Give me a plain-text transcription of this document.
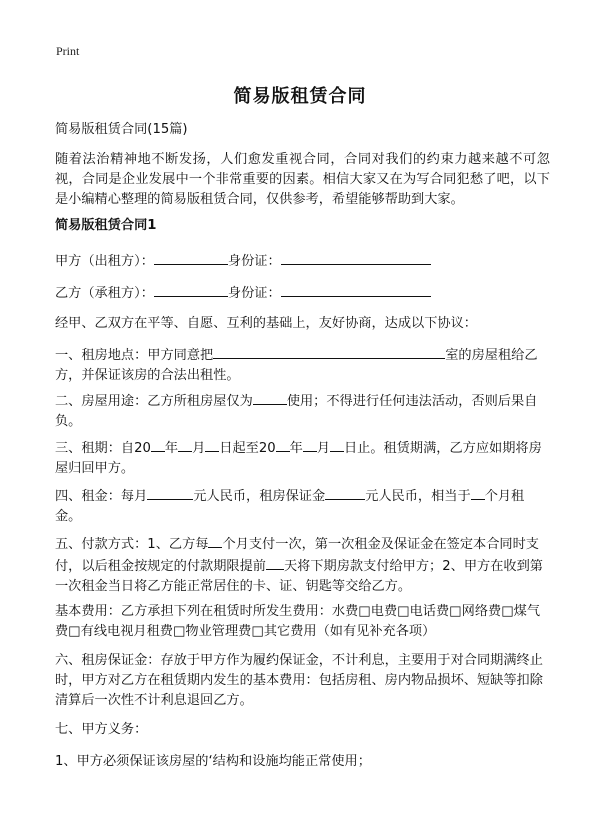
Print
简易版租赁合同

简易版租赁合同(15篇)

随着法治精神地不断发扬，人们愈发重视合同，合同对我们的约束力越来越不可忽视，合同是企业发展中一个非常重要的因素。相信大家又在为写合同犯愁了吧，以下是小编精心整理的简易版租赁合同，仅供参考，希望能够帮助到大家。

简易版租赁合同1

甲方（出租方）：	身份证：

乙方（承租方）：	身份证：

经甲、乙双方在平等、自愿、互利的基础上，友好协商，达成以下协议：

一、租房地点：甲方同意把	室的房屋租给乙方，并保证该房的合法出租性。

二、房屋用途：乙方所租房屋仅为	使用；不得进行任何违法活动，否则后果自负。

三、租期：自20 年 月 日起至20 年 月 日止。租赁期满，乙方应如期将房屋归回甲方。

四、租金：每月	元人民币，租房保证金	元人民币，相当于 个月租金。

五、付款方式：1、乙方每 个月支付一次，第一次租金及保证金在签定本合同时支付，以后租金按规定的付款期限提前 天将下期房款支付给甲方；2、甲方在收到第一次租金当日将乙方能正常居住的卡、证、钥匙等交给乙方。

基本费用：乙方承担下列在租赁时所发生费用：水费□电费□电话费□网络费□煤气费□有线电视月租费□物业管理费□其它费用（如有见补充各项）

六、租房保证金：存放于甲方作为履约保证金，不计利息，主要用于对合同期满终止时，甲方对乙方在租赁期内发生的基本费用：包括房租、房内物品损坏、短缺等扣除清算后一次性不计利息退回乙方。

七、甲方义务：

1、甲方必须保证该房屋的‘结构和设施均能正常使用；
